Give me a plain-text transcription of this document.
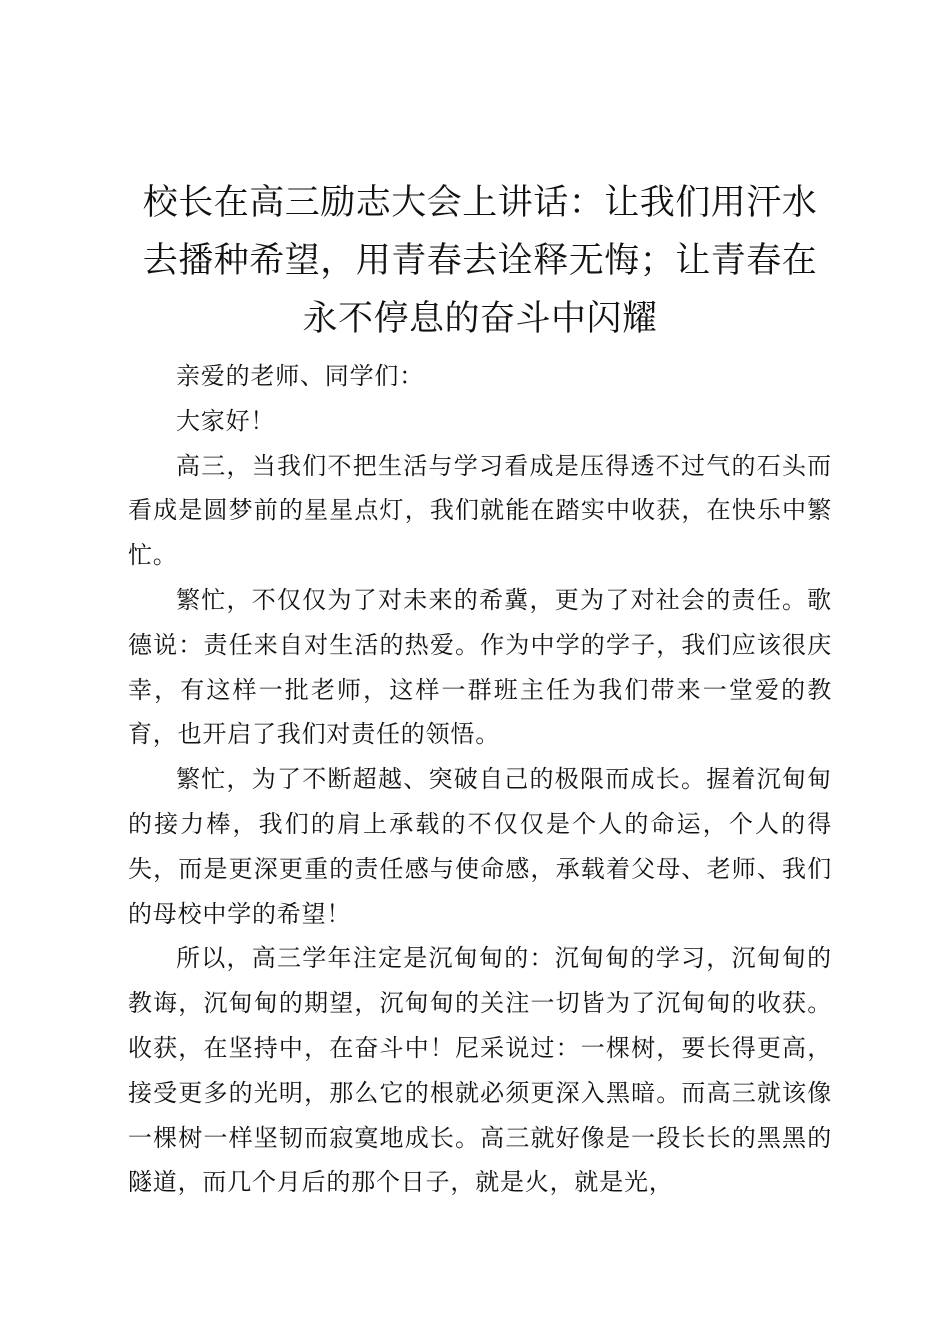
校长在高三励志大会上讲话：让我们用汗水去播种希望，用青春去诠释无悔；让青春在永不停息的奋斗中闪耀

亲爱的老师、同学们：

大家好！

高三，当我们不把生活与学习看成是压得透不过气的石头而看成是圆梦前的星星点灯，我们就能在踏实中收获，在快乐中繁忙。

繁忙，不仅仅为了对未来的希冀，更为了对社会的责任。歌德说：责任来自对生活的热爱。作为中学的学子，我们应该很庆幸，有这样一批老师，这样一群班主任为我们带来一堂爱的教育，也开启了我们对责任的领悟。

繁忙，为了不断超越、突破自己的极限而成长。握着沉甸甸的接力棒，我们的肩上承载的不仅仅是个人的命运，个人的得失，而是更深更重的责任感与使命感，承载着父母、老师、我们的母校中学的希望！

所以，高三学年注定是沉甸甸的：沉甸甸的学习，沉甸甸的教诲，沉甸甸的期望，沉甸甸的关注一切皆为了沉甸甸的收获。收获，在坚持中，在奋斗中！尼采说过：一棵树，要长得更高，接受更多的光明，那么它的根就必须更深入黑暗。而高三就该像一棵树一样坚韧而寂寞地成长。高三就好像是一段长长的黑黑的隧道，而几个月后的那个日子，就是火，就是光，
